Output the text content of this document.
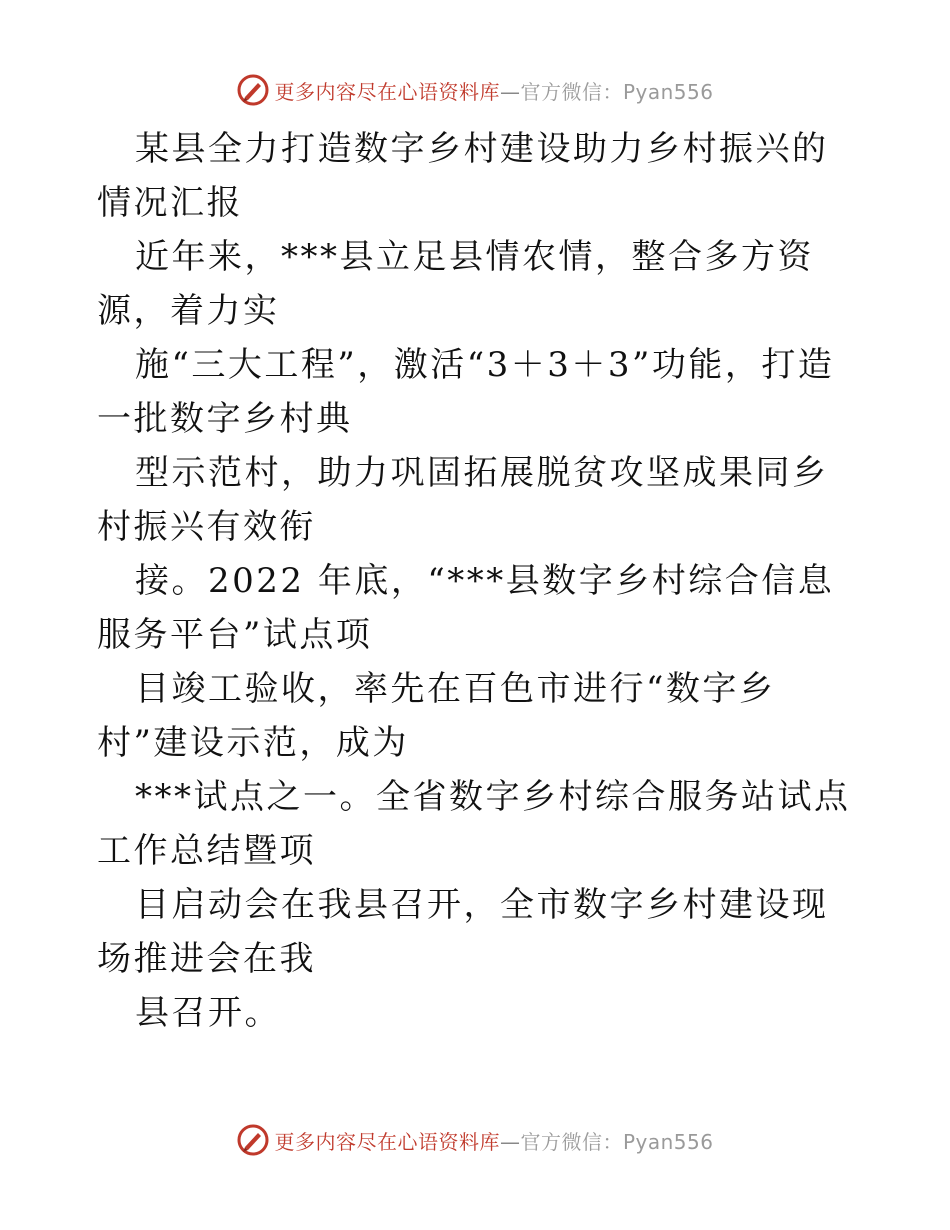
更多内容尽在心语资料库—官方微信：Pyan556

某县全力打造数字乡村建设助力乡村振兴的情况汇报

近年来，***县立足县情农情，整合多方资源，着力实

施“三大工程”，激活“3＋3＋3”功能，打造一批数字乡村典

型示范村，助力巩固拓展脱贫攻坚成果同乡村振兴有效衔

接。2022 年底，“***县数字乡村综合信息服务平台”试点项

目竣工验收，率先在百色市进行“数字乡村”建设示范，成为

***试点之一。全省数字乡村综合服务站试点工作总结暨项

目启动会在我县召开，全市数字乡村建设现场推进会在我

县召开。

更多内容尽在心语资料库—官方微信：Pyan556
